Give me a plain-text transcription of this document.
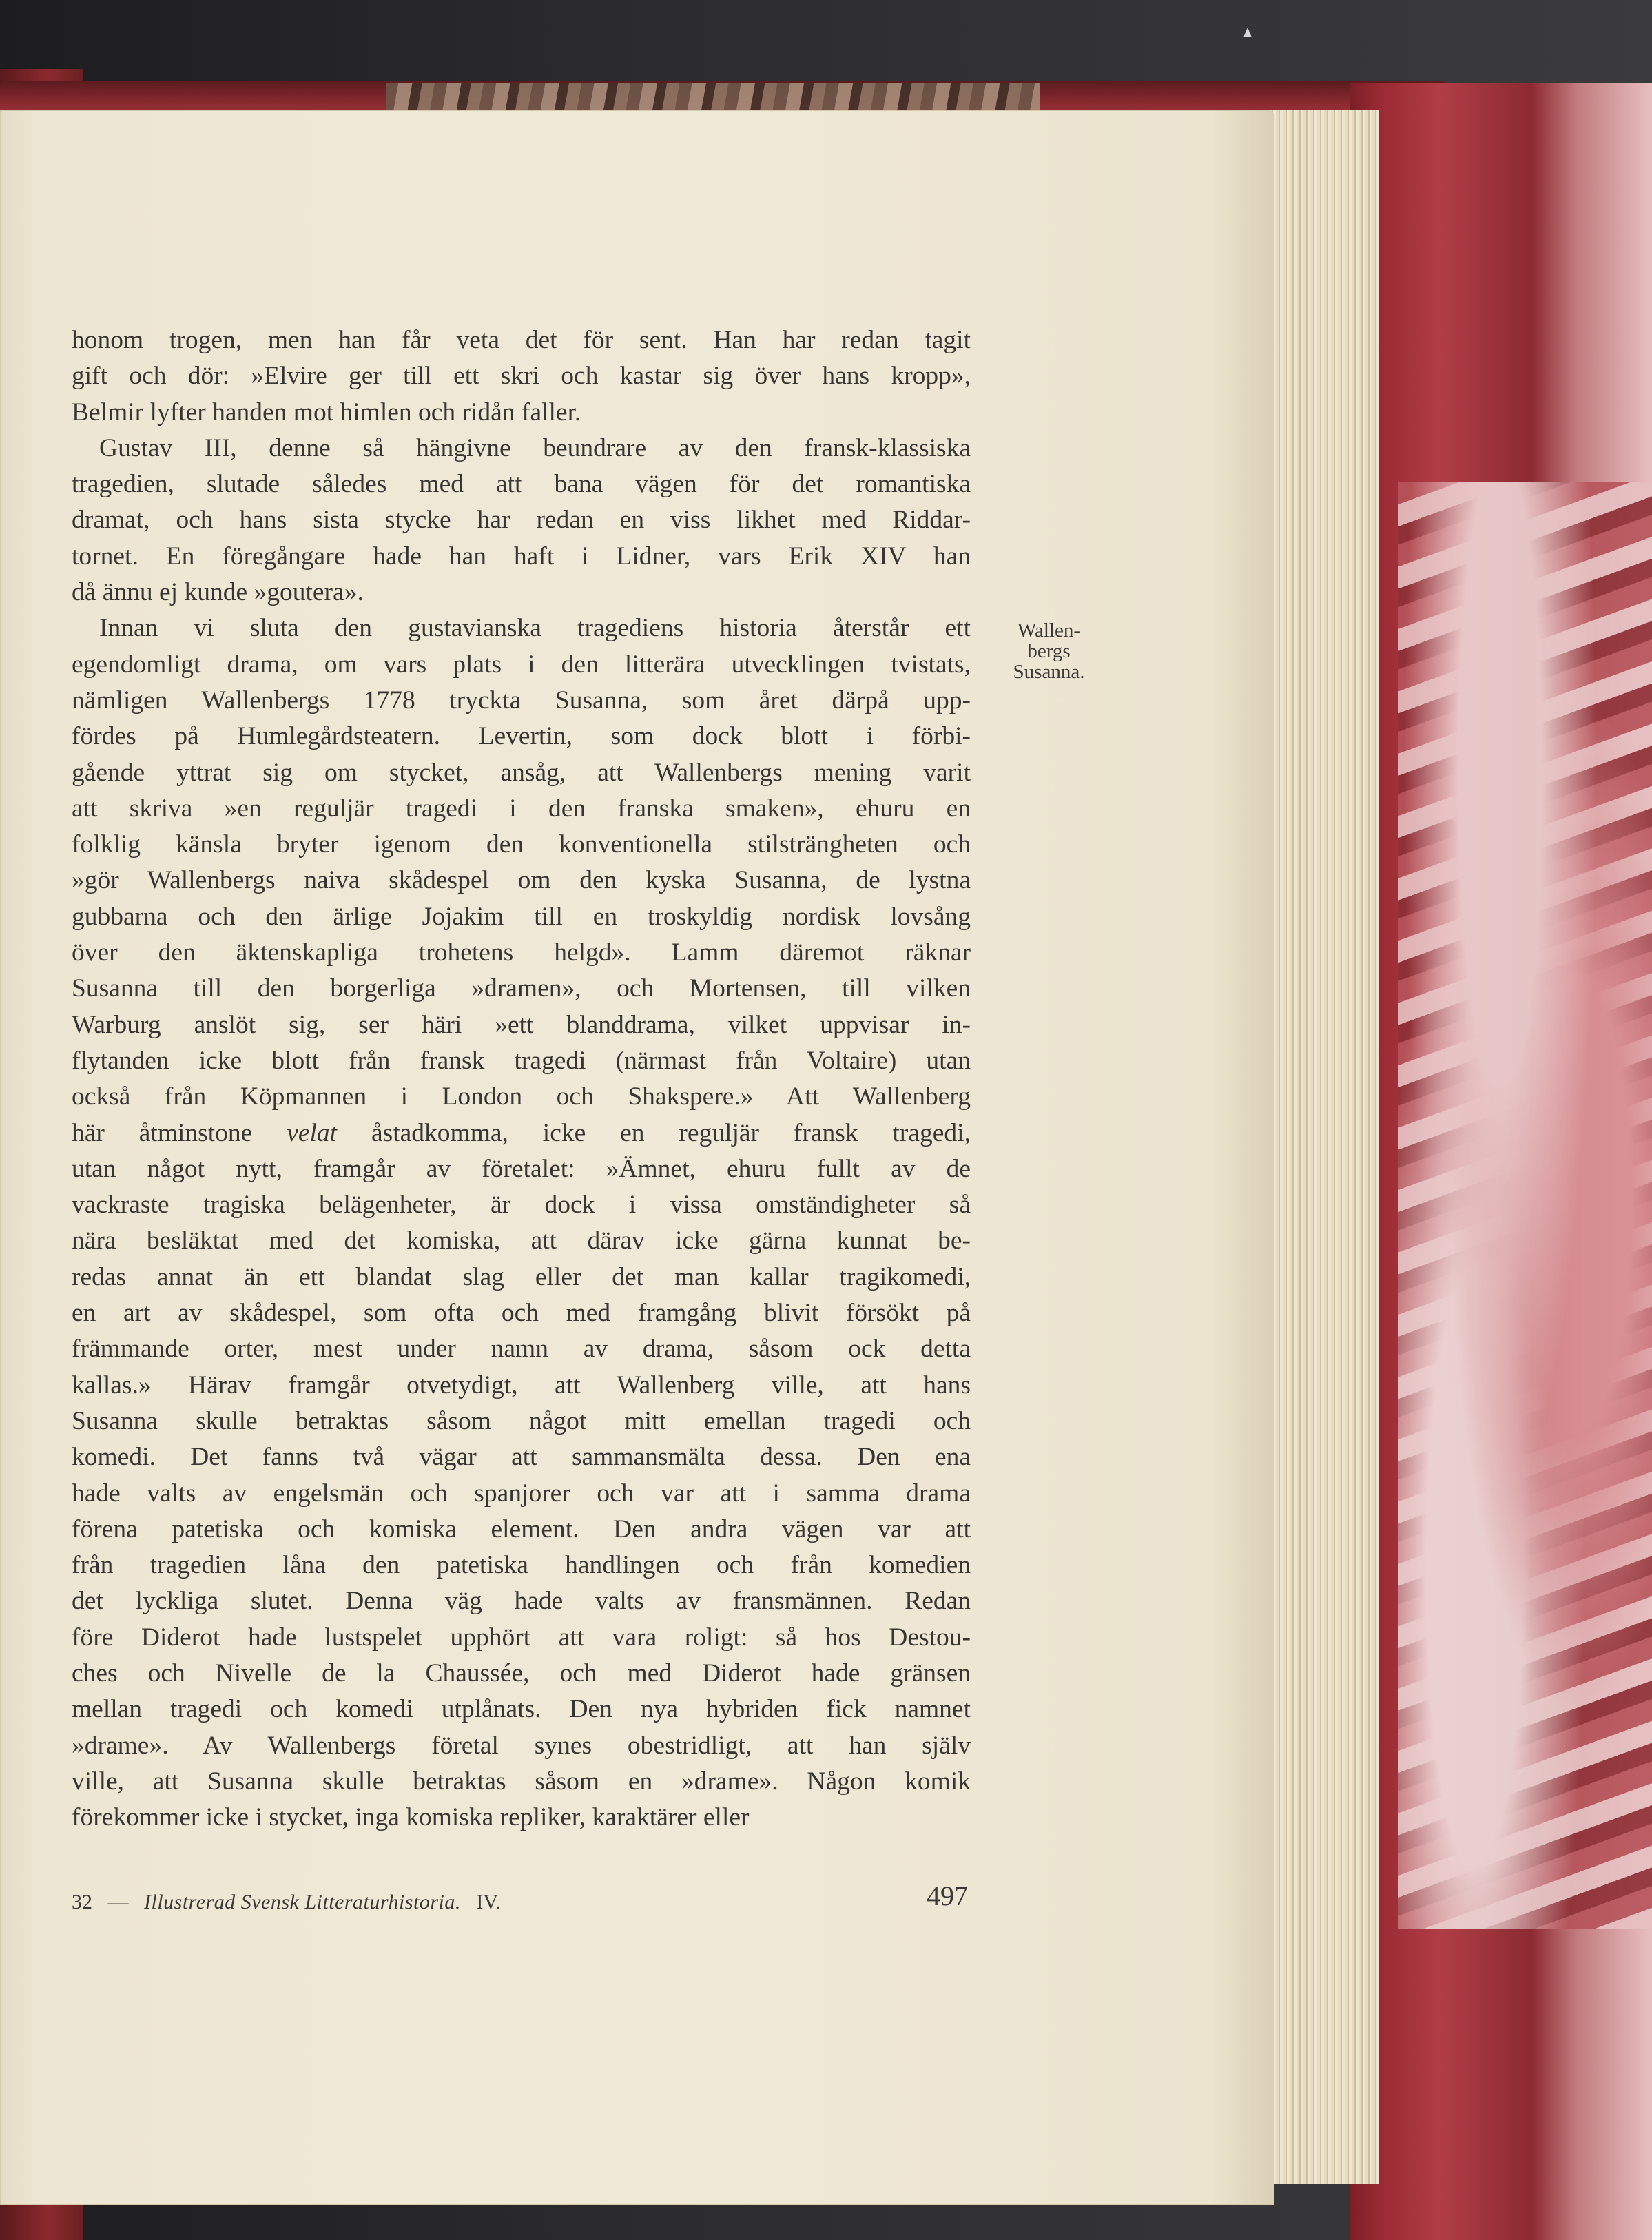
honom trogen, men han får veta det för sent. Han har redan tagit
gift och dör: »Elvire ger till ett skri och kastar sig över hans kropp»,
Belmir lyfter handen mot himlen och ridån faller.
Gustav III, denne så hängivne beundrare av den fransk-klassiska
tragedien, slutade således med att bana vägen för det romantiska
dramat, och hans sista stycke har redan en viss likhet med Riddar-
tornet. En föregångare hade han haft i Lidner, vars Erik XIV han
då ännu ej kunde »goutera».
Innan vi sluta den gustavianska tragediens historia återstår ett
egendomligt drama, om vars plats i den litterära utvecklingen tvistats,
nämligen Wallenbergs 1778 tryckta Susanna, som året därpå upp-
fördes på Humlegårdsteatern. Levertin, som dock blott i förbi-
gående yttrat sig om stycket, ansåg, att Wallenbergs mening varit
att skriva »en reguljär tragedi i den franska smaken», ehuru en
folklig känsla bryter igenom den konventionella stilsträngheten och
»gör Wallenbergs naiva skådespel om den kyska Susanna, de lystna
gubbarna och den ärlige Jojakim till en troskyldig nordisk lovsång
över den äktenskapliga trohetens helgd». Lamm däremot räknar
Susanna till den borgerliga »dramen», och Mortensen, till vilken
Warburg anslöt sig, ser häri »ett blanddrama, vilket uppvisar in-
flytanden icke blott från fransk tragedi (närmast från Voltaire) utan
också från Köpmannen i London och Shakspere.» Att Wallenberg
här åtminstone velat åstadkomma, icke en reguljär fransk tragedi,
utan något nytt, framgår av företalet: »Ämnet, ehuru fullt av de
vackraste tragiska belägenheter, är dock i vissa omständigheter så
nära besläktat med det komiska, att därav icke gärna kunnat be-
redas annat än ett blandat slag eller det man kallar tragikomedi,
en art av skådespel, som ofta och med framgång blivit försökt på
främmande orter, mest under namn av drama, såsom ock detta
kallas.» Härav framgår otvetydigt, att Wallenberg ville, att hans
Susanna skulle betraktas såsom något mitt emellan tragedi och
komedi. Det fanns två vägar att sammansmälta dessa. Den ena
hade valts av engelsmän och spanjorer och var att i samma drama
förena patetiska och komiska element. Den andra vägen var att
från tragedien låna den patetiska handlingen och från komedien
det lyckliga slutet. Denna väg hade valts av fransmännen. Redan
före Diderot hade lustspelet upphört att vara roligt: så hos Destou-
ches och Nivelle de la Chaussée, och med Diderot hade gränsen
mellan tragedi och komedi utplånats. Den nya hybriden fick namnet
»drame». Av Wallenbergs företal synes obestridligt, att han själv
ville, att Susanna skulle betraktas såsom en »drame». Någon komik
förekommer icke i stycket, inga komiska repliker, karaktärer eller
Wallen-
bergs
Susanna.
32 — Illustrerad Svensk Litteraturhistoria. IV.	497
